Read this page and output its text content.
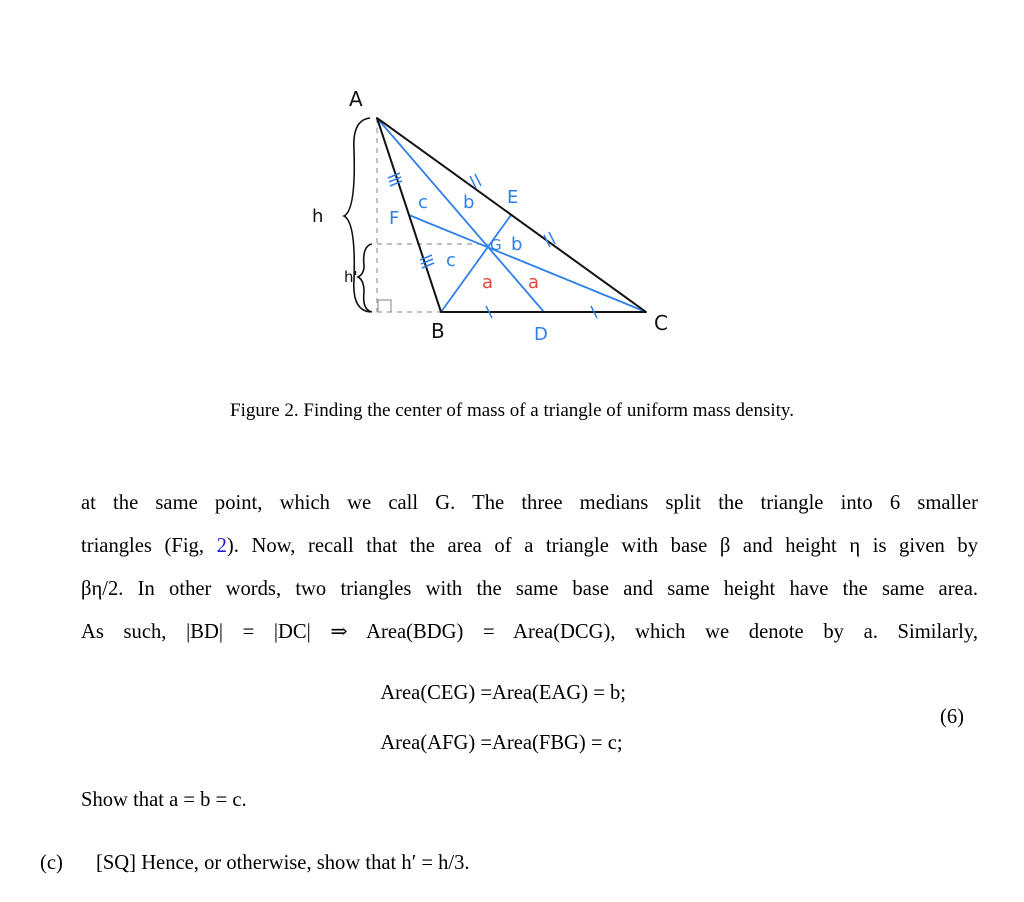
A
B	C
h
h'
D
E
F
G
c
c
b
b
a a
Figure 2. Finding the center of mass of a triangle of uniform mass density.
at the same point, which we call G. The three medians split the triangle into 6 smaller
triangles (Fig, 2). Now, recall that the area of a triangle with base β and height η is given by
βη/2. In other words, two triangles with the same base and same height have the same area.
As such, |BD| = |DC| ⇒ Area(BDG) = Area(DCG), which we denote by a. Similarly,
Area(CEG) = Area(EAG) = b;
Area(AFG) = Area(FBG) = c;
(6)
Show that a = b = c.
(c) [SQ] Hence, or otherwise, show that h′ = h/3.
